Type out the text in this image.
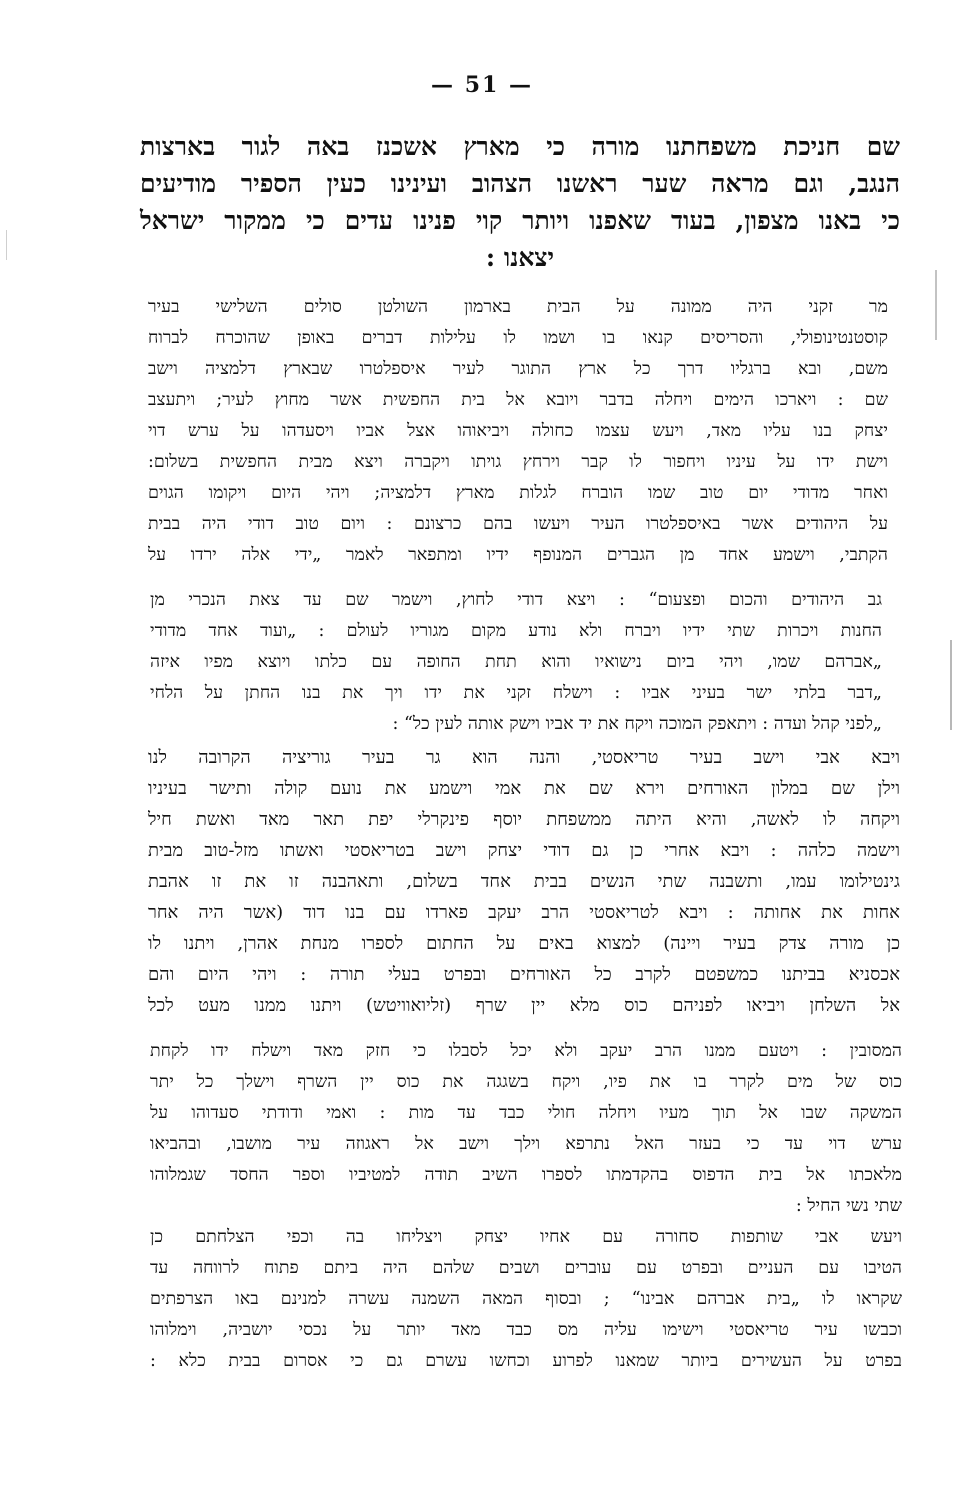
— 51 —
שם חניכת משפחתנו מורה כי מארץ אשכנז באה לגור בארצות
הנגב, וגם מראה שער ראשנו הצהוב ועינינו כעין הספיר מודיעים
כי באנו מצפון, בעוד שאפנו ויותר קוי פנינו עדים כי ממקור ישראל
יצאנו :
מר זקני היה ממונה על הבית בארמון השולטן סולים השלישי בעיר
קוסטנטינופולי, והסריסים קנאו בו ושמו לו עלילות דברים באופן שהוכרח לברוח
משם, ובא ברגליו דרך כל ארץ התוגר לעיר איספלטרו שבארץ דלמציה וישב
שם : ויארכו הימים ויחלה בדבר ויובא אל בית החפשית אשר מחוץ לעיר; ויתעצב
יצחק בנו עליו מאד, ויעש עצמו כחולה ויביאוהו אצל אביו ויסעדהו על ערש דוי
וישת ידו על עיניו ויחפור לו קבר וירחץ גויתו ויקברה ויצא מבית החפשית בשלום:
ואחר מדודי יום טוב שמו הוברח לגלות מארץ דלמציה; ויהי היום ויקומו הגוים
על היהודים אשר באיספלטרו העיר ויעשו בהם כרצונם : ויום טוב דודי היה בבית
הקתבי, וישמע אחד מן הגברים המנופף ידיו ומתפאר לאמר „ידי אלה ירדו על
גב היהודים והכום ופצעום“ : ויצא דודי לחוץ, וישמר שם עד צאת הנכרי מן
החנות ויכרות שתי ידיו ויברח ולא נודע מקום מגוריו לעולם : „ועוד אחד מדודי
„אברהם שמו, ויהי ביום נישואיו והוא תחת החופה עם כלתו ויוצא מפיו איזה
„דבר בלתי ישר בעיני אביו : וישלח זקני את ידו ויך את בנו החתן על הלחי
„לפני קהל ועדה : ויתאפק המוכה ויקח את יד אביו וישק אותה לעין כל“ :
ויבא אבי וישב בעיר טריאסטי, והנה הוא גר בעיר גוריציה הקרובה לנו
וילן שם במלון האורחים וירא שם את אמי וישמע את נועם קולה ותישר בעיניו
ויקחה לו לאשה, והיא היתה ממשפחת יוסף פינקרלי יפת תאר מאד ואשת חיל
וישמה כלהה : ויבא אחרי כן גם דודי יצחק וישב בטריאסטי ואשתו מזל-טוב מבית
גינטילומו עמו, ותשבנה שתי הנשים בבית אחד בשלום, ותאהבנה זו את זו אהבת
אחות את אחותה : ויבא לטריאסטי הרב יעקב פארדו עם בנו דוד (אשר היה אחר
כן מורה צדק בעיר ויינה) למצוא באים על החתום לספרו מנחת אהרן, ויתנו לו
אכסניא בביתנו כמשפטם לקרב כל האורחים ובפרט בעלי תורה : ויהי היום והם
אל השלחן ויביאו לפניהם כוס מלא יין שרף (זליואוויטש) ויתנו ממנו מעט לכל
המסובין : ויטעם ממנו הרב יעקב ולא יכל לסבלו כי חזק מאד וישלח ידו לקחת
כוס של מים לקרר בו את פיו, ויקח בשגגה את כוס יין השרף וישלך כל יתר
המשקה שבו אל תוך מעיו ויחלה חולי כבד עד מות : ואמי ודודתי סעדוהו על
ערש דוי עד כי בעזר האל נתרפא וילך וישב אל ראגוזה עיר מושבו, ובהביאו
מלאכתו אל בית הדפוס בהקדמתו לספרו השיב תודה למטיביו וספר החסד שגמלוהו
שתי נשי החיל :
ויעש אבי שותפות סחורה עם אחיו יצחק ויצליחו בה וכפי הצלחתם כן
הטיבו עם העניים ובפרט עם עוברים ושבים שלהם היה ביתם פתוח לרווחה עד
שקראו לו „בית אברהם אבינו“ ; ובסוף המאה השמנה עשרה למנינם באו הצרפתים
וכבשו עיר טריאסטי וישימו עליה מס כבד מאד יותר על נכסי יושביה, וימלוהו
בפרט על העשירים ביותר שמאנו לפרוע וכחשו עשרם גם כי אסרום בבית כלא :
